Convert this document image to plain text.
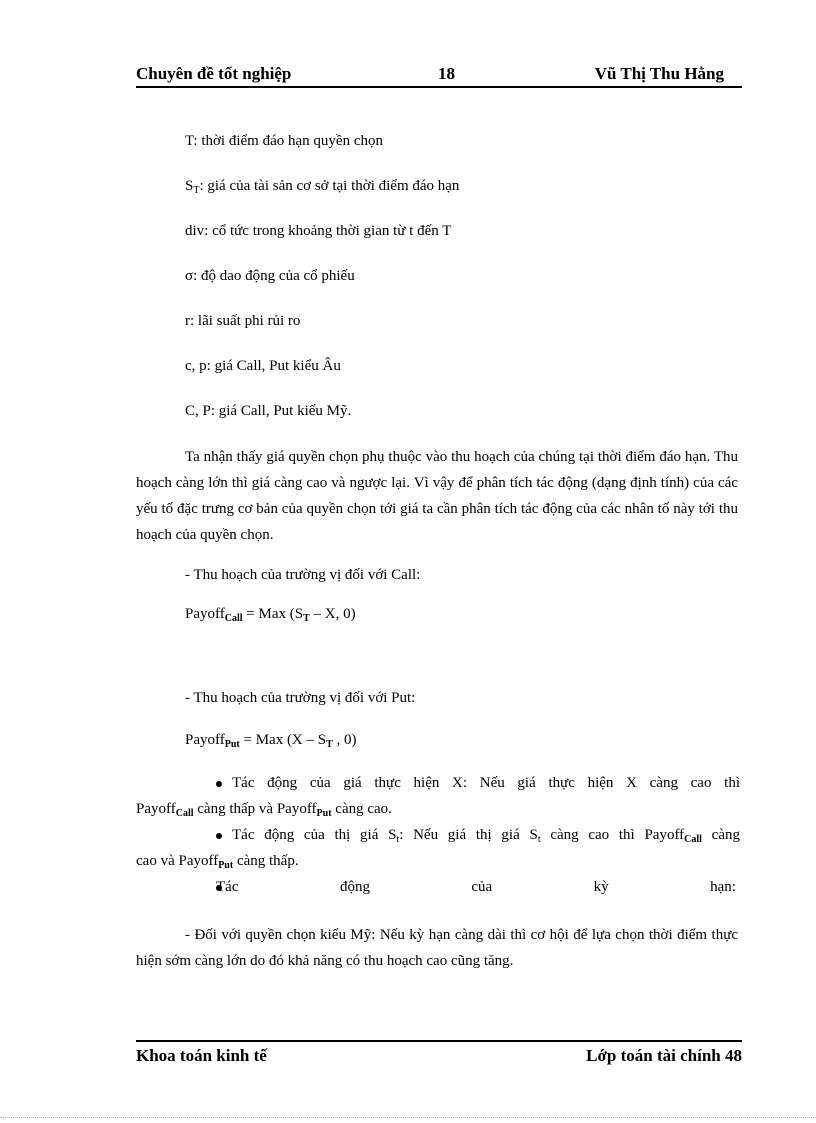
Chuyên đề tốt nghiệp	18	Vũ Thị Thu Hằng
T: thời điểm đáo hạn quyền chọn
$S_T$: giá của tài sản cơ sở tại thời điểm đáo hạn
div: cổ tức trong khoảng thời gian từ t đến T
σ: độ dao động của cổ phiếu
r: lãi suất phi rủi ro
c, p: giá Call, Put kiểu Âu
C, P: giá Call, Put kiểu Mỹ.
Ta nhận thấy giá quyền chọn phụ thuộc vào thu hoạch của chúng tại thời điểm đáo hạn. Thu hoạch càng lớn thì giá càng cao và ngược lại. Vì vậy để phân tích tác động (dạng định tính) của các yếu tố đặc trưng cơ bản của quyền chọn tới giá ta cần phân tích tác động của các nhân tố này tới thu hoạch của quyền chọn.
- Thu hoạch của trường vị đối với Call:
Payoff$_{Call}$ = Max ($S_T$ – X, 0)
- Thu hoạch của trường vị đối với Put:
Payoff$_{Put}$ = Max ($X - S_T$ , 0)
Tác động của giá thực hiện X: Nếu giá thực hiện X càng cao thì
Payoff$_{Call}$ càng thấp và Payoff$_{Put}$ càng cao.
Tác động của thị giá $S_t$: Nếu giá thị giá $S_t$ càng cao thì Payoff$_{Call}$ càng
cao và Payoff$_{Put}$ càng thấp.
Tác	động	của	kỳ	hạn:
- Đối với quyền chọn kiểu Mỹ: Nếu kỳ hạn càng dài thì cơ hội để lựa chọn thời điểm thực hiện sớm càng lớn do đó khả năng có thu hoạch cao cũng tăng.
Khoa toán kinh tế	Lớp toán tài chính 48
